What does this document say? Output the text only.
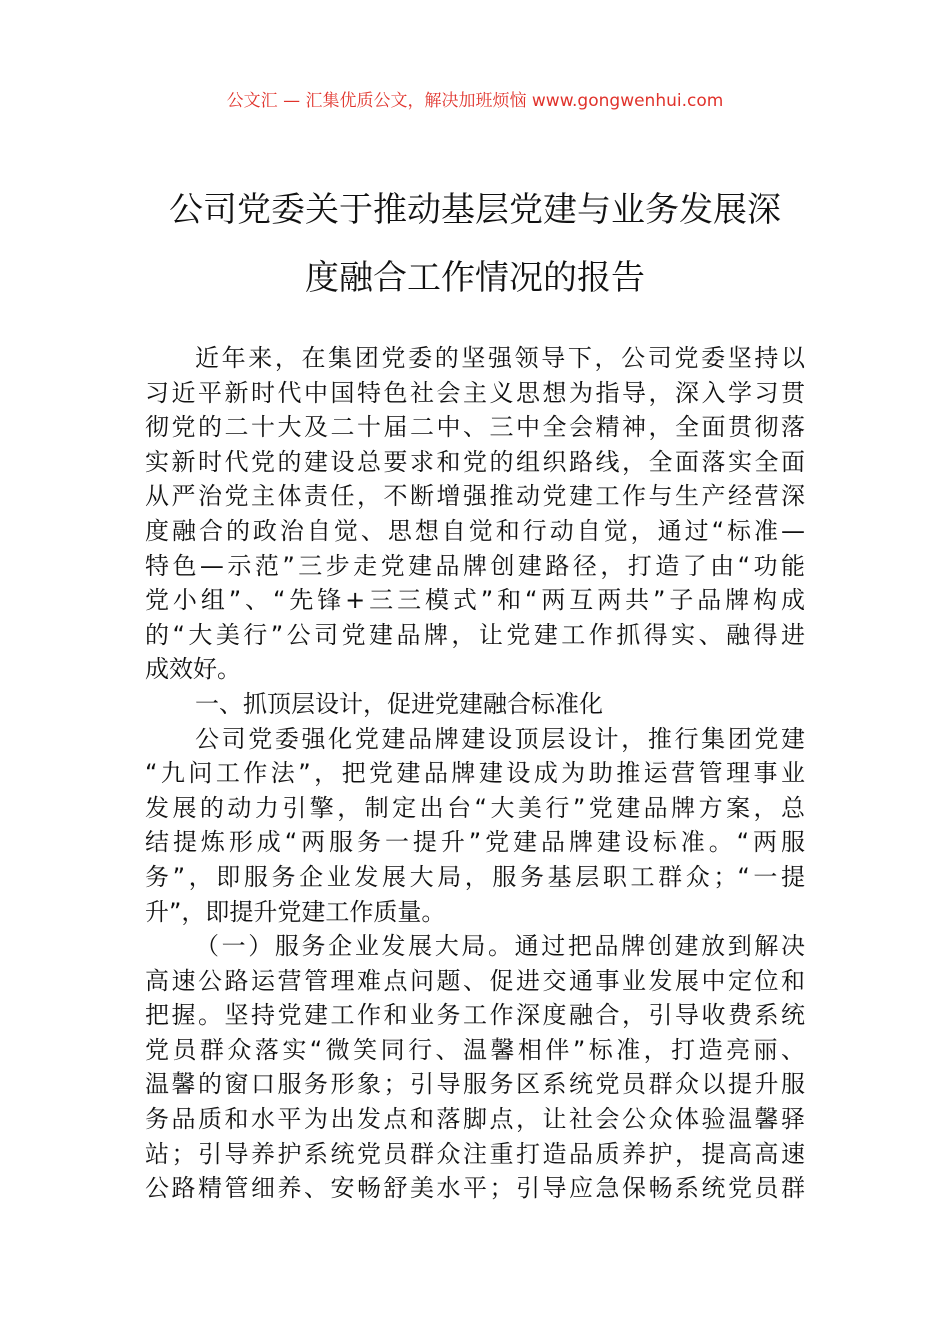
公文汇 — 汇集优质公文，解决加班烦恼 www.gongwenhui.com
公司党委关于推动基层党建与业务发展深
度融合工作情况的报告
近年来，在集团党委的坚强领导下，公司党委坚持以
习近平新时代中国特色社会主义思想为指导，深入学习贯
彻党的二十大及二十届二中、三中全会精神，全面贯彻落
实新时代党的建设总要求和党的组织路线，全面落实全面
从严治党主体责任，不断增强推动党建工作与生产经营深
度融合的政治自觉、思想自觉和行动自觉，通过“标准—
特色—示范”三步走党建品牌创建路径，打造了由“功能
党小组”、“先锋+三三模式”和“两互两共”子品牌构成
的“大美行”公司党建品牌，让党建工作抓得实、融得进
成效好。
一、抓顶层设计，促进党建融合标准化
公司党委强化党建品牌建设顶层设计，推行集团党建
“九问工作法”，把党建品牌建设成为助推运营管理事业
发展的动力引擎，制定出台“大美行”党建品牌方案，总
结提炼形成“两服务一提升”党建品牌建设标准。“两服
务”，即服务企业发展大局，服务基层职工群众；“一提
升”，即提升党建工作质量。
（一）服务企业发展大局。通过把品牌创建放到解决
高速公路运营管理难点问题、促进交通事业发展中定位和
把握。坚持党建工作和业务工作深度融合，引导收费系统
党员群众落实“微笑同行、温馨相伴”标准，打造亮丽、
温馨的窗口服务形象；引导服务区系统党员群众以提升服
务品质和水平为出发点和落脚点，让社会公众体验温馨驿
站；引导养护系统党员群众注重打造品质养护，提高高速
公路精管细养、安畅舒美水平；引导应急保畅系统党员群
